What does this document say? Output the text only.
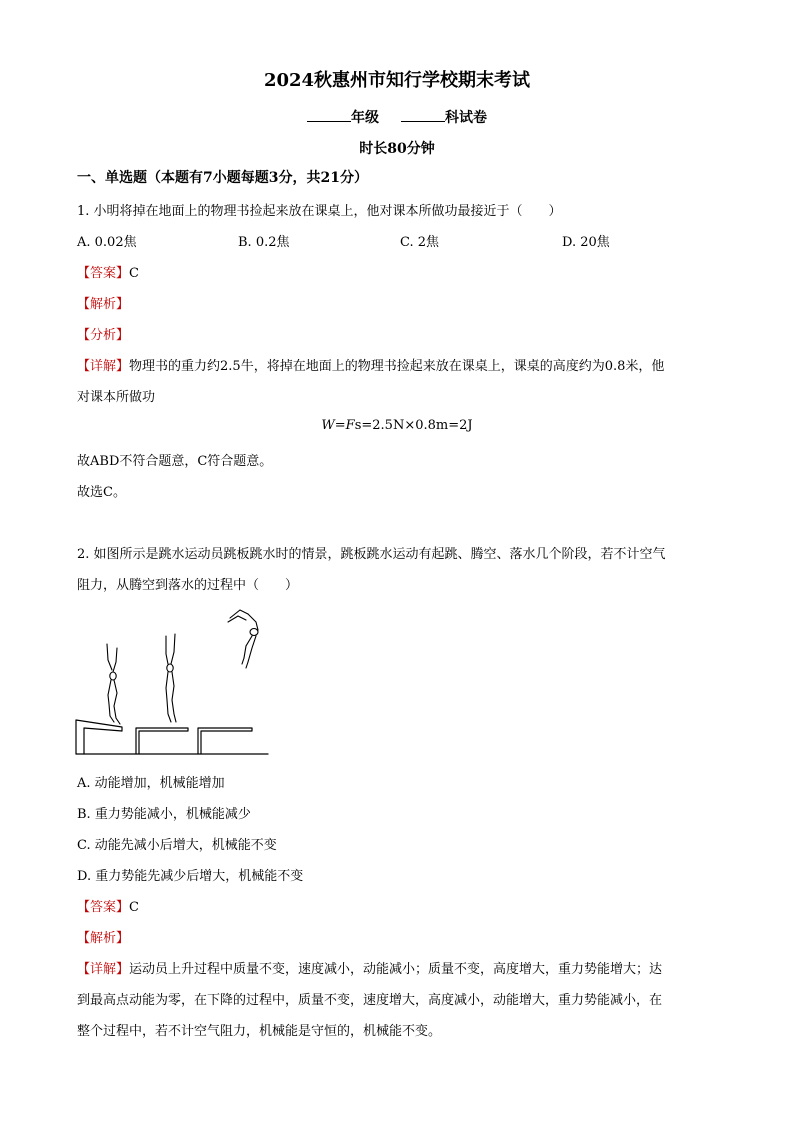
2024秋惠州市知行学校期末考试
年级	科试卷
时长80分钟
一、单选题（本题有7小题每题3分，共21分）
1. 小明将掉在地面上的物理书捡起来放在课桌上，他对课本所做功最接近于（　　）
A. 0.02焦	B. 0.2焦	C. 2焦	D. 20焦
【答案】C
【解析】
【分析】
【详解】物理书的重力约2.5牛，将掉在地面上的物理书捡起来放在课桌上，课桌的高度约为0.8米，他
对课本所做功
W=Fs=2.5N×0.8m=2J
故ABD不符合题意，C符合题意。
故选C。
2. 如图所示是跳水运动员跳板跳水时的情景，跳板跳水运动有起跳、腾空、落水几个阶段，若不计空气
阻力，从腾空到落水的过程中（　　）
A. 动能增加，机械能增加
B. 重力势能减小，机械能减少
C. 动能先减小后增大，机械能不变
D. 重力势能先减少后增大，机械能不变
【答案】C
【解析】
【详解】运动员上升过程中质量不变，速度减小，动能减小；质量不变，高度增大，重力势能增大；达
到最高点动能为零，在下降的过程中，质量不变，速度增大，高度减小，动能增大，重力势能减小，在
整个过程中，若不计空气阻力，机械能是守恒的，机械能不变。
